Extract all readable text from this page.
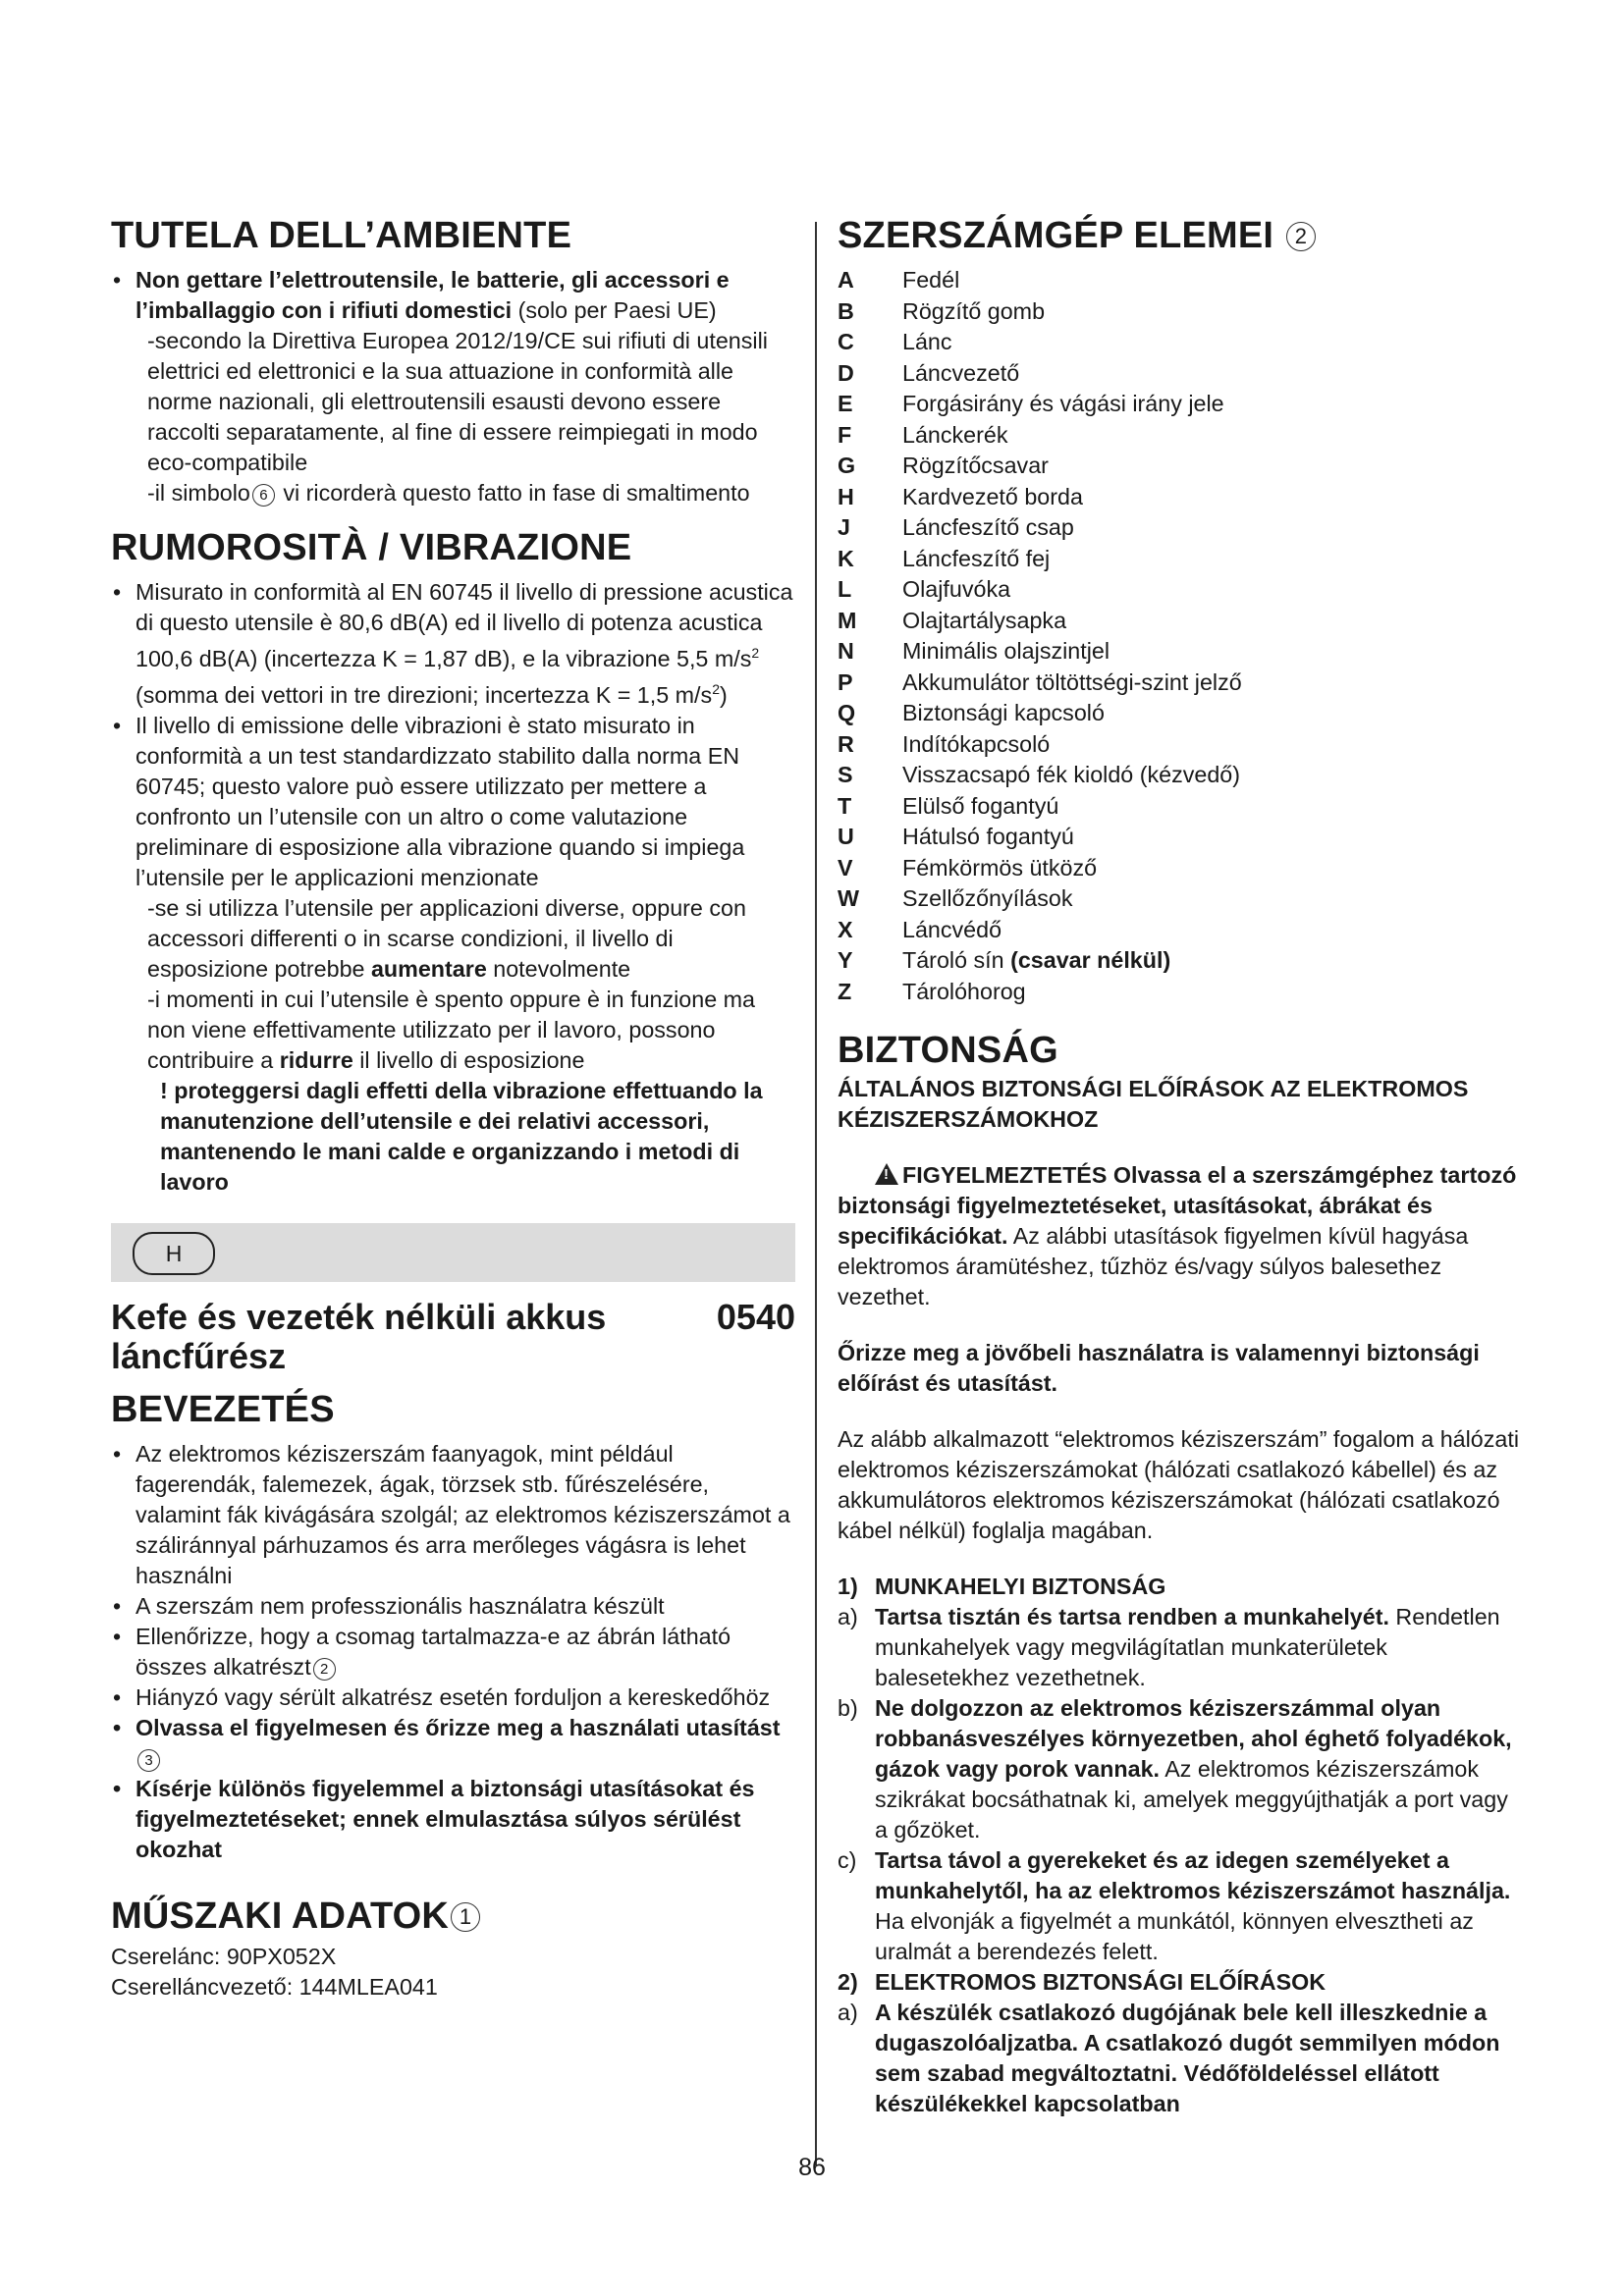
TUTELA DELL’AMBIENTE
• Non gettare l’elettroutensile, le batterie, gli accessori e l’imballaggio con i rifiuti domestici (solo per Paesi UE)
-secondo la Direttiva Europea 2012/19/CE sui rifiuti di utensili elettrici ed elettronici e la sua attuazione in conformità alle norme nazionali, gli elettroutensili esausti devono essere raccolti separatamente, al fine di essere reimpiegati in modo eco-compatibile
-il simbolo 6 vi ricorderà questo fatto in fase di smaltimento
RUMOROSITÀ / VIBRAZIONE
• Misurato in conformità al EN 60745 il livello di pressione acustica di questo utensile è 80,6 dB(A) ed il livello di potenza acustica 100,6 dB(A) (incertezza K = 1,87 dB), e la vibrazione 5,5 $m/s^2$ (somma dei vettori in tre direzioni; incertezza K = 1,5 $m/s^2$)
• Il livello di emissione delle vibrazioni è stato misurato in conformità a un test standardizzato stabilito dalla norma EN 60745; questo valore può essere utilizzato per mettere a confronto un l’utensile con un altro o come valutazione preliminare di esposizione alla vibrazione quando si impiega l’utensile per le applicazioni menzionate
-se si utilizza l’utensile per applicazioni diverse, oppure con accessori differenti o in scarse condizioni, il livello di esposizione potrebbe aumentare notevolmente
-i momenti in cui l’utensile è spento oppure è in funzione ma non viene effettivamente utilizzato per il lavoro, possono contribuire a ridurre il livello di esposizione
! proteggersi dagli effetti della vibrazione effettuando la manutenzione dell’utensile e dei relativi accessori, mantenendo le mani calde e organizzando i metodi di lavoro
H
Kefe és vezeték nélküli akkus láncfűrész
0540
BEVEZETÉS
• Az elektromos kéziszerszám faanyagok, mint például fagerendák, falemezek, ágak, törzsek stb. fűrészelésére, valamint fák kivágására szolgál; az elektromos kéziszerszámot a száliránnyal párhuzamos és arra merőleges vágásra is lehet használni
• A szerszám nem professzionális használatra készült
• Ellenőrizze, hogy a csomag tartalmazza-e az ábrán látható összes alkatrészt 2
• Hiányzó vagy sérült alkatrész esetén forduljon a kereskedőhöz
• Olvassa el figyelmesen és őrizze meg a használati utasítást3
• Kísérje különös figyelemmel a biztonsági utasításokat és figyelmeztetéseket; ennek elmulasztása súlyos sérülést okozhat
MŰSZAKI ADATOK 1
Cserelánc: 90PX052X
Cserelláncvezető: 144MLEA041
SZERSZÁMGÉP ELEMEI 2
A	Fedél
B	Rögzítő gomb
C	Lánc
D	Láncvezető
E	Forgásirány és vágási irány jele
F	Lánckerék
G	Rögzítőcsavar
H	Kardvezető borda
J	Láncfeszítő csap
K	Láncfeszítő fej
L	Olajfuvóka
M	Olajtartálysapka
N	Minimális olajszintjel
P	Akkumulátor töltöttségi-szint jelző
Q	Biztonsági kapcsoló
R	Indítókapcsoló
S	Visszacsapó fék kioldó (kézvedő)
T	Elülső fogantyú
U	Hátulsó fogantyú
V	Fémkörmös ütköző
W	Szellőzőnyílások
X	Láncvédő
Y	Tároló sín (csavar nélkül)
Z	Tárolóhorog
BIZTONSÁG
ÁLTALÁNOS BIZTONSÁGI ELŐÍRÁSOK AZ ELEKTROMOS KÉZISZERSZÁMOKHOZ
!FIGYELMEZTETÉS Olvassa el a szerszámgéphez tartozó biztonsági figyelmeztetéseket, utasításokat, ábrákat és specifikációkat. Az alábbi utasítások figyelmen kívül hagyása elektromos áramütéshez, tűzhöz és/vagy súlyos balesethez vezethet.
Őrizze meg a jövőbeli használatra is valamennyi biztonsági előírást és utasítást.
Az alább alkalmazott “elektromos kéziszerszám” fogalom a hálózati elektromos kéziszerszámokat (hálózati csatlakozó kábellel) és az akkumulátoros elektromos kéziszerszámokat (hálózati csatlakozó kábel nélkül) foglalja magában.
1) MUNKAHELYI BIZTONSÁG
a) Tartsa tisztán és tartsa rendben a munkahelyét. Rendetlen munkahelyek vagy megvilágítatlan munkaterületek balesetekhez vezethetnek.
b) Ne dolgozzon az elektromos kéziszerszámmal olyan robbanásveszélyes környezetben, ahol éghető folyadékok, gázok vagy porok vannak. Az elektromos kéziszerszámok szikrákat bocsáthatnak ki, amelyek meggyújthatják a port vagy a gőzöket.
c) Tartsa távol a gyerekeket és az idegen személyeket a munkahelytől, ha az elektromos kéziszerszámot használja. Ha elvonják a figyelmét a munkától, könnyen elvesztheti az uralmát a berendezés felett.
2) ELEKTROMOS BIZTONSÁGI ELŐÍRÁSOK
a) A készülék csatlakozó dugójának bele kell illeszkednie a dugaszolóaljzatba. A csatlakozó dugót semmilyen módon sem szabad megváltoztatni. Védőföldeléssel ellátott készülékekkel kapcsolatban
86
